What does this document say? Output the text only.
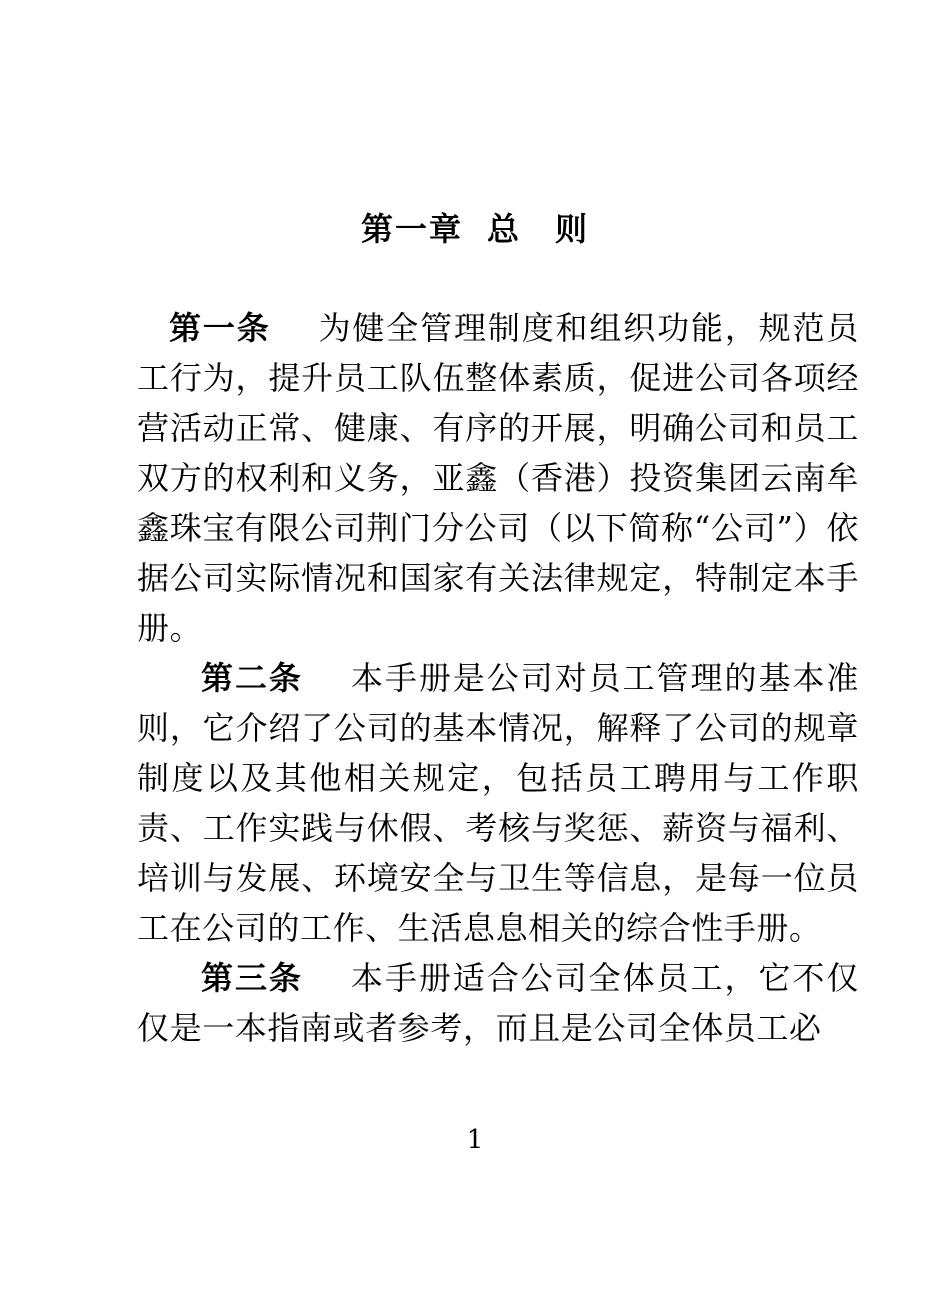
第一章 总　则

第一条 为健全管理制度和组织功能，规范员工行为，提升员工队伍整体素质，促进公司各项经营活动正常、健康、有序的开展，明确公司和员工双方的权利和义务，亚鑫（香港）投资集团云南牟鑫珠宝有限公司荆门分公司（以下简称“公司”）依据公司实际情况和国家有关法律规定，特制定本手册。

第二条 本手册是公司对员工管理的基本准则，它介绍了公司的基本情况，解释了公司的规章制度以及其他相关规定，包括员工聘用与工作职责、工作实践与休假、考核与奖惩、薪资与福利、培训与发展、环境安全与卫生等信息，是每一位员工在公司的工作、生活息息相关的综合性手册。

第三条 本手册适合公司全体员工，它不仅仅是一本指南或者参考，而且是公司全体员工必

1
